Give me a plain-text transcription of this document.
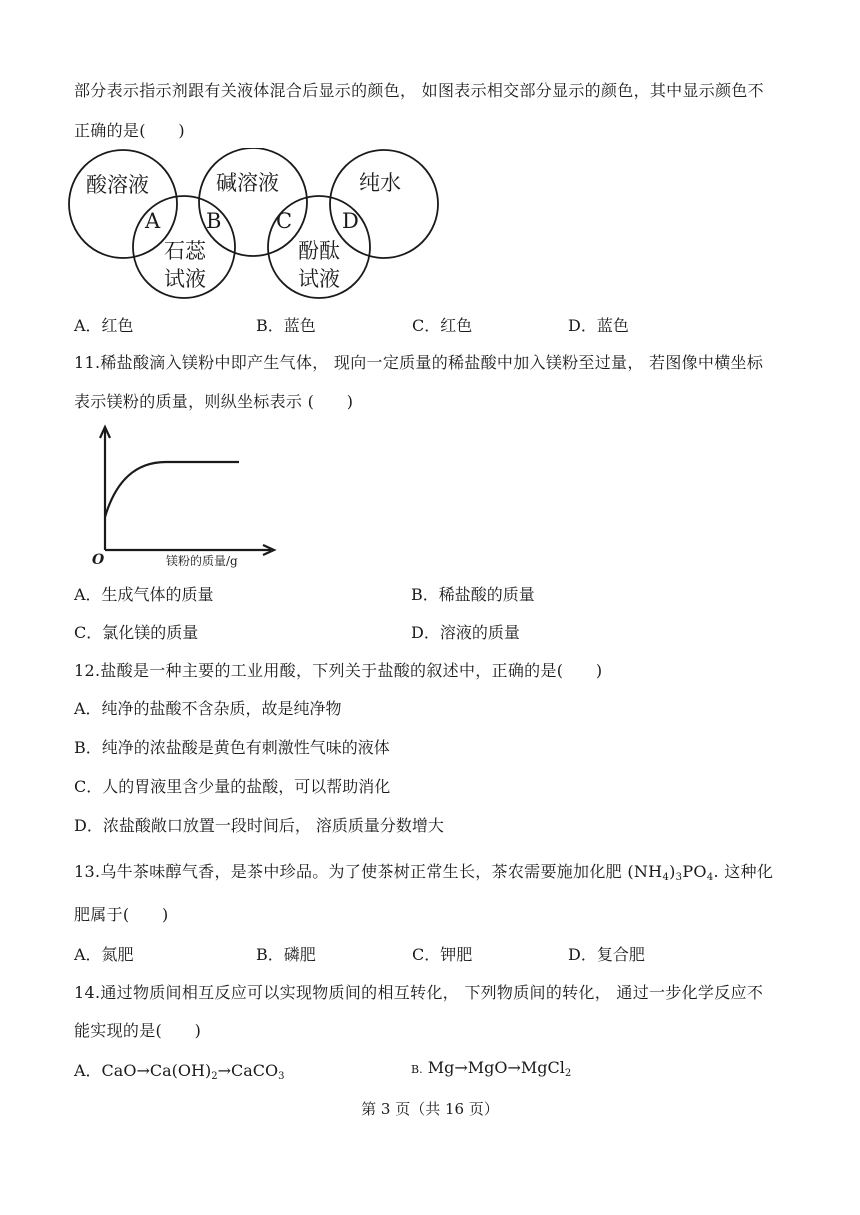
部分表示指示剂跟有关液体混合后显示的颜色， 如图表示相交部分显示的颜色，其中显示颜色不
正确的是(　　)
酸溶液	碱溶液	纯水
石蕊
试液
酚酞
试液
A B	C D
A．红色	B．蓝色	C．红色	D．蓝色
11.稀盐酸滴入镁粉中即产生气体， 现向一定质量的稀盐酸中加入镁粉至过量， 若图像中横坐标
表示镁粉的质量，则纵坐标表示 (　　)
O	镁粉的质量/g
A．生成气体的质量	B．稀盐酸的质量
C．氯化镁的质量	D．溶液的质量
12.盐酸是一种主要的工业用酸，下列关于盐酸的叙述中，正确的是(　　)
A．纯净的盐酸不含杂质，故是纯净物
B．纯净的浓盐酸是黄色有刺激性气味的液体
C．人的胃液里含少量的盐酸，可以帮助消化
D．浓盐酸敞口放置一段时间后， 溶质质量分数增大
13.乌牛茶味醇气香，是茶中珍品。为了使茶树正常生长，茶农需要施加化肥 $(NH_4)_3PO_4$. 这种化
肥属于(　　)
A．氮肥	B．磷肥	C．钾肥	D．复合肥
14.通过物质间相互反应可以实现物质间的相互转化， 下列物质间的转化， 通过一步化学反应不
能实现的是(　　)
A．$CaO\to Ca(OH)_2\to CaCO_3$
B. Mg→MgO→MgCl$_2$
第 3 页（共 16 页）
